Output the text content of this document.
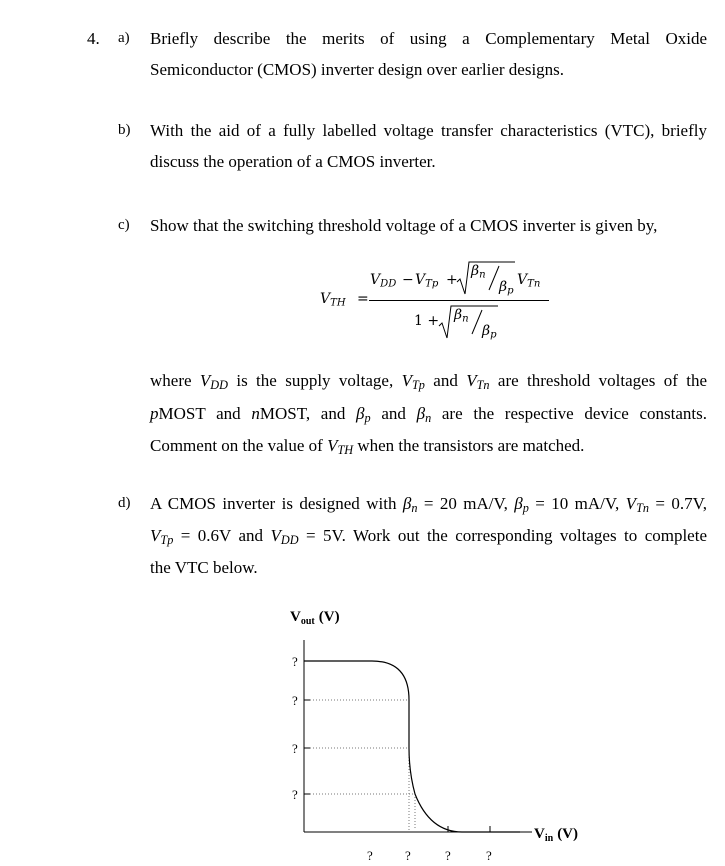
4. a) Briefly describe the merits of using a Complementary Metal Oxide
Semiconductor (CMOS) inverter design over earlier designs.
b) With the aid of a fully labelled voltage transfer characteristics (VTC), briefly
discuss the operation of a CMOS inverter.
c) Show that the switching threshold voltage of a CMOS inverter is given by,
$V_{TH}$ =
$V_{DD} - V_{Tp}$ +
$\beta_n$
$\beta_p$
$V_{Tn}$
$1 + \beta_n$
$\beta_p$
where $V_{DD}$ is the supply voltage, $V_{Tp}$ and $V_{Tn}$ are threshold voltages of the
pMOST and nMOST, and $\beta_p$ and $\beta_n$ are the respective device constants.
Comment on the value of $V_{TH}$ when the transistors are matched.
d) A CMOS inverter is designed with $\beta_n = 20$ mA/V, $\beta_p = 10$ mA/V, $V_{Tn} = 0.7V$,
$V_{Tp} = 0.6V$ and $V_{DD} = 5V$. Work out the corresponding voltages to complete
the VTC below.
$V_{out}$ (V)
$V_{in}$ (V)
?
?
?
?
? ?	?	?
